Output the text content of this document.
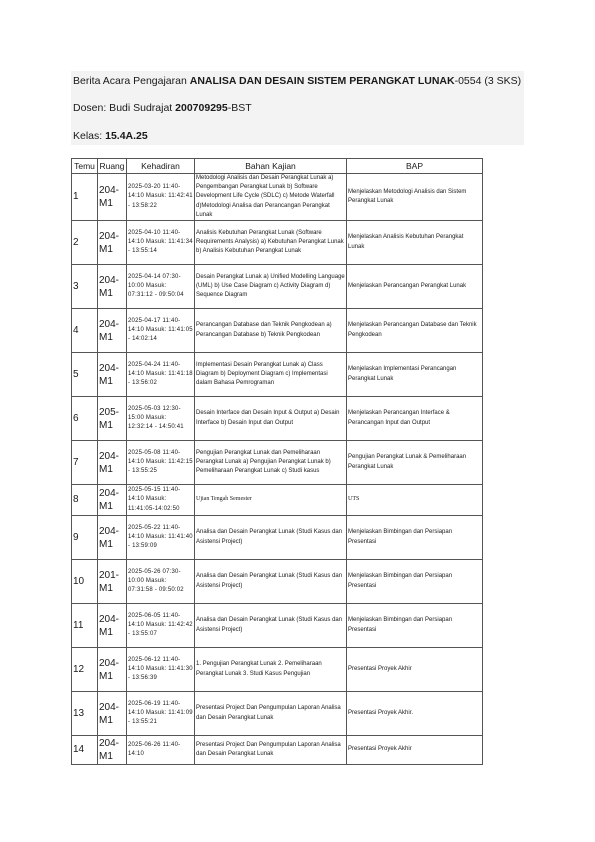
Berita Acara Pengajaran ANALISA DAN DESAIN SISTEM PERANGKAT LUNAK-0554 (3 SKS)
Dosen: Budi Sudrajat 200709295-BST
Kelas: 15.4A.25
Temu	Ruang	Kehadiran	Bahan Kajian	BAP
1	204-M1	2025-03-20 11:40-14:10 Masuk: 11:42:41 - 13:58:22	Metodologi Analisis dan Desain Perangkat Lunak a) Pengembangan Perangkat Lunak b) Software Development Life Cycle (SDLC) c) Metode Waterfall d)Metodologi Analisa dan Perancangan Perangkat Lunak	Menjelaskan Metodologi Analisis dan Sistem Perangkat Lunak
2	204-M1	2025-04-10 11:40-14:10 Masuk: 11:41:34 - 13:55:14	Analisis Kebutuhan Perangkat Lunak (Software Requirements Analysis) a) Kebutuhan Perangkat Lunak b) Analisis Kebutuhan Perangkat Lunak	Menjelaskan Analisis Kebutuhan Perangkat Lunak
3	204-M1	2025-04-14 07:30-10:00 Masuk: 07:31:12 - 09:50:04	Desain Perangkat Lunak a) Unified Modelling Language (UML) b) Use Case Diagram c) Activity Diagram d) Sequence Diagram	Menjelaskan Perancangan Perangkat Lunak
4	204-M1	2025-04-17 11:40-14:10 Masuk: 11:41:05 - 14:02:14	Perancangan Database dan Teknik Pengkodean a) Perancangan Database b) Teknik Pengkodean	Menjelaskan Perancangan Database dan Teknik Pengkodean
5	204-M1	2025-04-24 11:40-14:10 Masuk: 11:41:18 - 13:56:02	Implementasi Desain Perangkat Lunak a) Class Diagram b) Deployment Diagram c) Implementasi dalam Bahasa Pemrograman	Menjelaskan Implementasi Perancangan Perangkat Lunak
6	205-M1	2025-05-03 12:30-15:00 Masuk: 12:32:14 - 14:50:41	Desain Interface dan Desain Input & Output a) Desain Interface b) Desain Input dan Output	Menjelaskan Perancangan Interface & Perancangan Input dan Output
7	204-M1	2025-05-08 11:40-14:10 Masuk: 11:42:15 - 13:55:25	Pengujian Perangkat Lunak dan Pemeliharaan Perangkat Lunak a) Pengujian Perangkat Lunak b) Pemeliharaan Perangkat Lunak c) Studi kasus	Pengujian Perangkat Lunak & Pemeliharaan Perangkat Lunak
8	204-M1	2025-05-15 11:40-14:10 Masuk: 11:41:05-14:02:50	Ujian Tengah Semester	UTS
9	204-M1	2025-05-22 11:40-14:10 Masuk: 11:41:40 - 13:59:09	Analisa dan Desain Perangkat Lunak (Studi Kasus dan Asistensi Project)	Menjelaskan Bimbingan dan Persiapan Presentasi
10	201-M1	2025-05-26 07:30-10:00 Masuk: 07:31:58 - 09:50:02	Analisa dan Desain Perangkat Lunak (Studi Kasus dan Asistensi Project)	Menjelaskan Bimbingan dan Persiapan Presentasi
11	204-M1	2025-06-05 11:40-14:10 Masuk: 11:42:42 - 13:55:07	Analisa dan Desain Perangkat Lunak (Studi Kasus dan Asistensi Project)	Menjelaskan Bimbingan dan Persiapan Presentasi
12	204-M1	2025-06-12 11:40-14:10 Masuk: 11:41:30 - 13:56:39	1. Pengujian Perangkat Lunak 2. Pemeliharaan Perangkat Lunak 3. Studi Kasus Pengujian	Presentasi Proyek Akhir
13	204-M1	2025-06-19 11:40-14:10 Masuk: 11:41:09 - 13:55:21	Presentasi Project Dan Pengumpulan Laporan Analisa dan Desain Perangkat Lunak	Presentasi Proyek Akhir.
14	204-M1	2025-06-26 11:40-14:10	Presentasi Project Dan Pengumpulan Laporan Analisa dan Desain Perangkat Lunak	Presentasi Proyek Akhir
